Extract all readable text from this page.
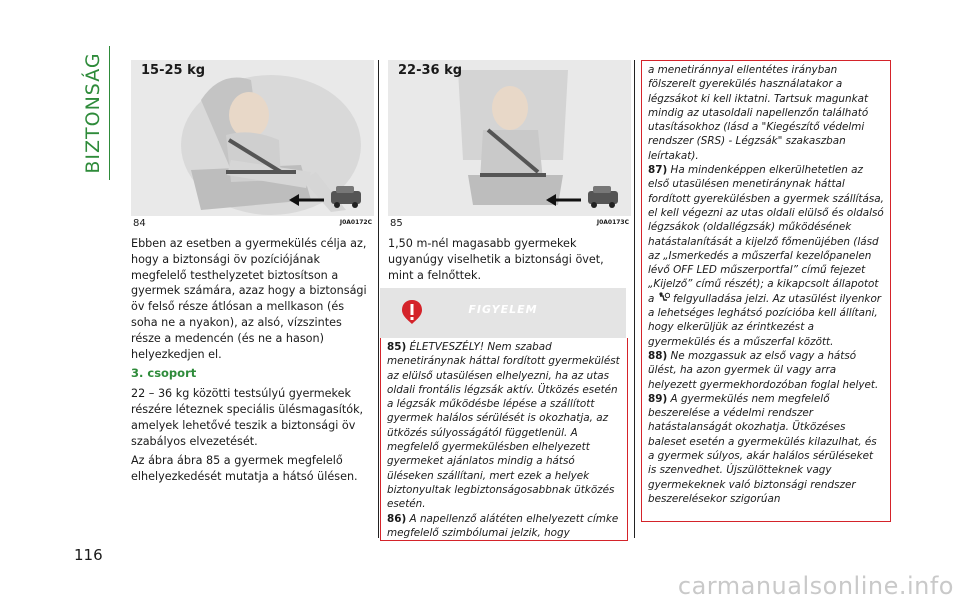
BIZTONSÁG	15-25 kg
84	J0A0172C
22-36 kg
85	J0A0173C

Ebben az esetben a gyermekülés célja az, hogy a biztonsági öv pozíciójának megfelelő testhelyzetet biztosítson a gyermek számára, azaz hogy a biztonsági öv felső része átlósan a mellkason (és soha ne a nyakon), az alsó, vízszintes része a medencén (és ne a hason) helyezkedjen el.

3. csoport

22 – 36 kg közötti testsúlyú gyermekek részére léteznek speciális ülésmagasítók, amelyek lehetővé teszik a biztonsági öv szabályos elvezetését.

Az ábra ábra 85 a gyermek megfelelő elhelyezkedését mutatja a hátsó ülésen.

1,50 m-nél magasabb gyermekek ugyanúgy viselhetik a biztonsági övet, mint a felnőttek.

FIGYELEM

85) ÉLETVESZÉLY! Nem szabad menetiránynak háttal fordított gyermekülést az elülső utasülésen elhelyezni, ha az utas oldali frontális légzsák aktív. Ütközés esetén a légzsák működésbe lépése a szállított gyermek halálos sérülését is okozhatja, az ütközés súlyosságától függetlenül. A megfelelő gyermekülésben elhelyezett gyermeket ajánlatos mindig a hátsó üléseken szállítani, mert ezek a helyek biztonyultak legbiztonságosabbnak ütközés esetén.

86) A napellenző alátéten elhelyezett címke megfelelő szimbólumai jelzik, hogy

a menetiránnyal ellentétes irányban fölszerelt gyerekülés használatakor a légzsákot ki kell iktatni. Tartsuk magunkat mindig az utasoldali napellenzőn található utasításokhoz (lásd a "Kiegészítő védelmi rendszer (SRS) - Légzsák" szakaszban leírtakat).

87) Ha mindenképpen elkerülhetetlen az első utasülésen menetiránynak háttal fordított gyerekülésben a gyermek szállítása, el kell végezni az utas oldali elülső és oldalsó légzsákok (oldallégzsák) működésének hatástalanítását a kijelző főmenüjében (lásd az „Ismerkedés a műszerfal kezelőpanelen lévő OFF LED műszerportfal” című fejezet „Kijelző” című részét); a kikapcsolt állapotot a felgyulladása jelzi. Az utasülést ilyenkor a lehetséges leghátsó pozícióba kell állítani, hogy elkerüljük az érintkezést a gyermekülés és a műszerfal között.

88) Ne mozgassuk az első vagy a hátsó ülést, ha azon gyermek ül vagy arra helyezett gyermekhordozóban foglal helyet.

89) A gyermekülés nem megfelelő beszerelése a védelmi rendszer hatástalanságát okozhatja. Ütközéses baleset esetén a gyermekülés kilazulhat, és a gyermek súlyos, akár halálos sérüléseket is szenvedhet. Újszülötteknek vagy gyermekeknek való biztonsági rendszer beszerelésekor szigorúan

116
carmanualsonline.info
